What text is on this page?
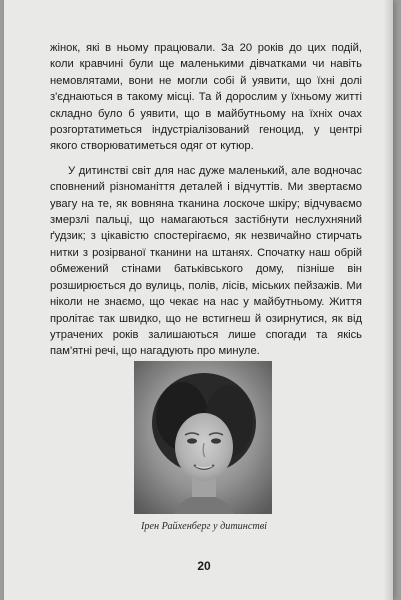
жінок, які в ньому працювали. За 20 років до цих подій, коли кравчині були ще маленькими дівчатками чи навіть немовлятами, вони не могли собі й уявити, що їхні долі з'єднаються в такому місці. Та й дорослим у їхньому житті складно було б уявити, що в майбутньому на їхніх очах розгортатиметься індустріалізований геноцид, у центрі якого створюватиметься одяг от кутюр.

У дитинстві світ для нас дуже маленький, але водночас сповнений різноманіття деталей і відчуттів. Ми звертаємо увагу на те, як вовняна тканина лоскоче шкіру; відчуваємо змерзлі пальці, що намагаються застібнути неслухняний ґудзик; з цікавістю спостерігаємо, як незвичайно стирчать нитки з розірваної тканини на штанях. Спочатку наш обрій обмежений стінами батьківського дому, пізніше він розширюється до вулиць, полів, лісів, міських пейзажів. Ми ніколи не знаємо, що чекає на нас у майбутньому. Життя пролітає так швидко, що не встигнеш й озирнутися, як від утрачених років залишаються лише спогади та якісь пам'ятні речі, що нагадують про минуле.

Ірен Райхенберг у дитинстві
20
